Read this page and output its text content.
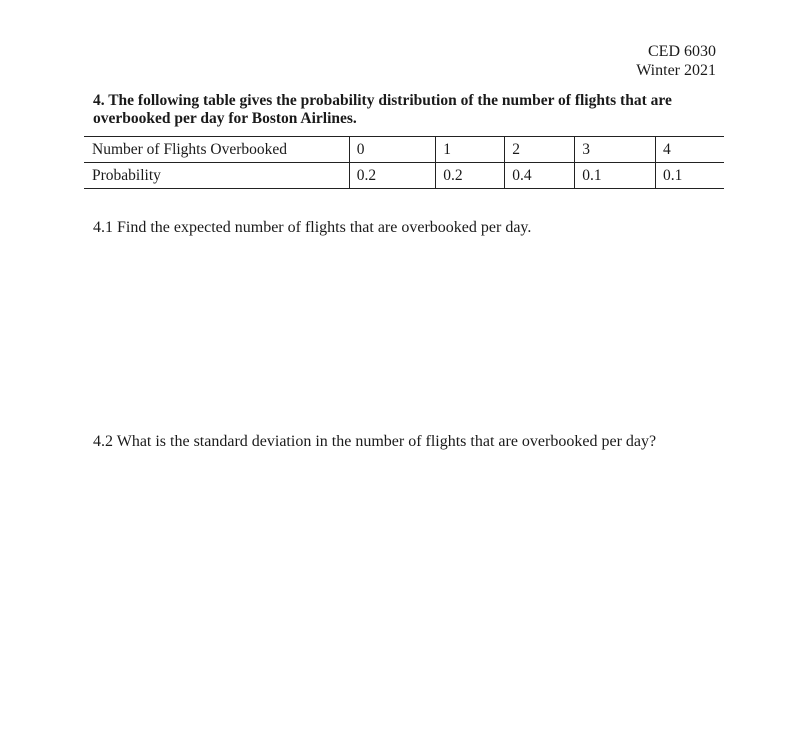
CED 6030
Winter 2021
4. The following table gives the probability distribution of the number of flights that are
overbooked per day for Boston Airlines.
Number of Flights Overbooked	0	1	2	3	4
Probability	0.2	0.2	0.4	0.1	0.1
4.1 Find the expected number of flights that are overbooked per day.
4.2 What is the standard deviation in the number of flights that are overbooked per day?
